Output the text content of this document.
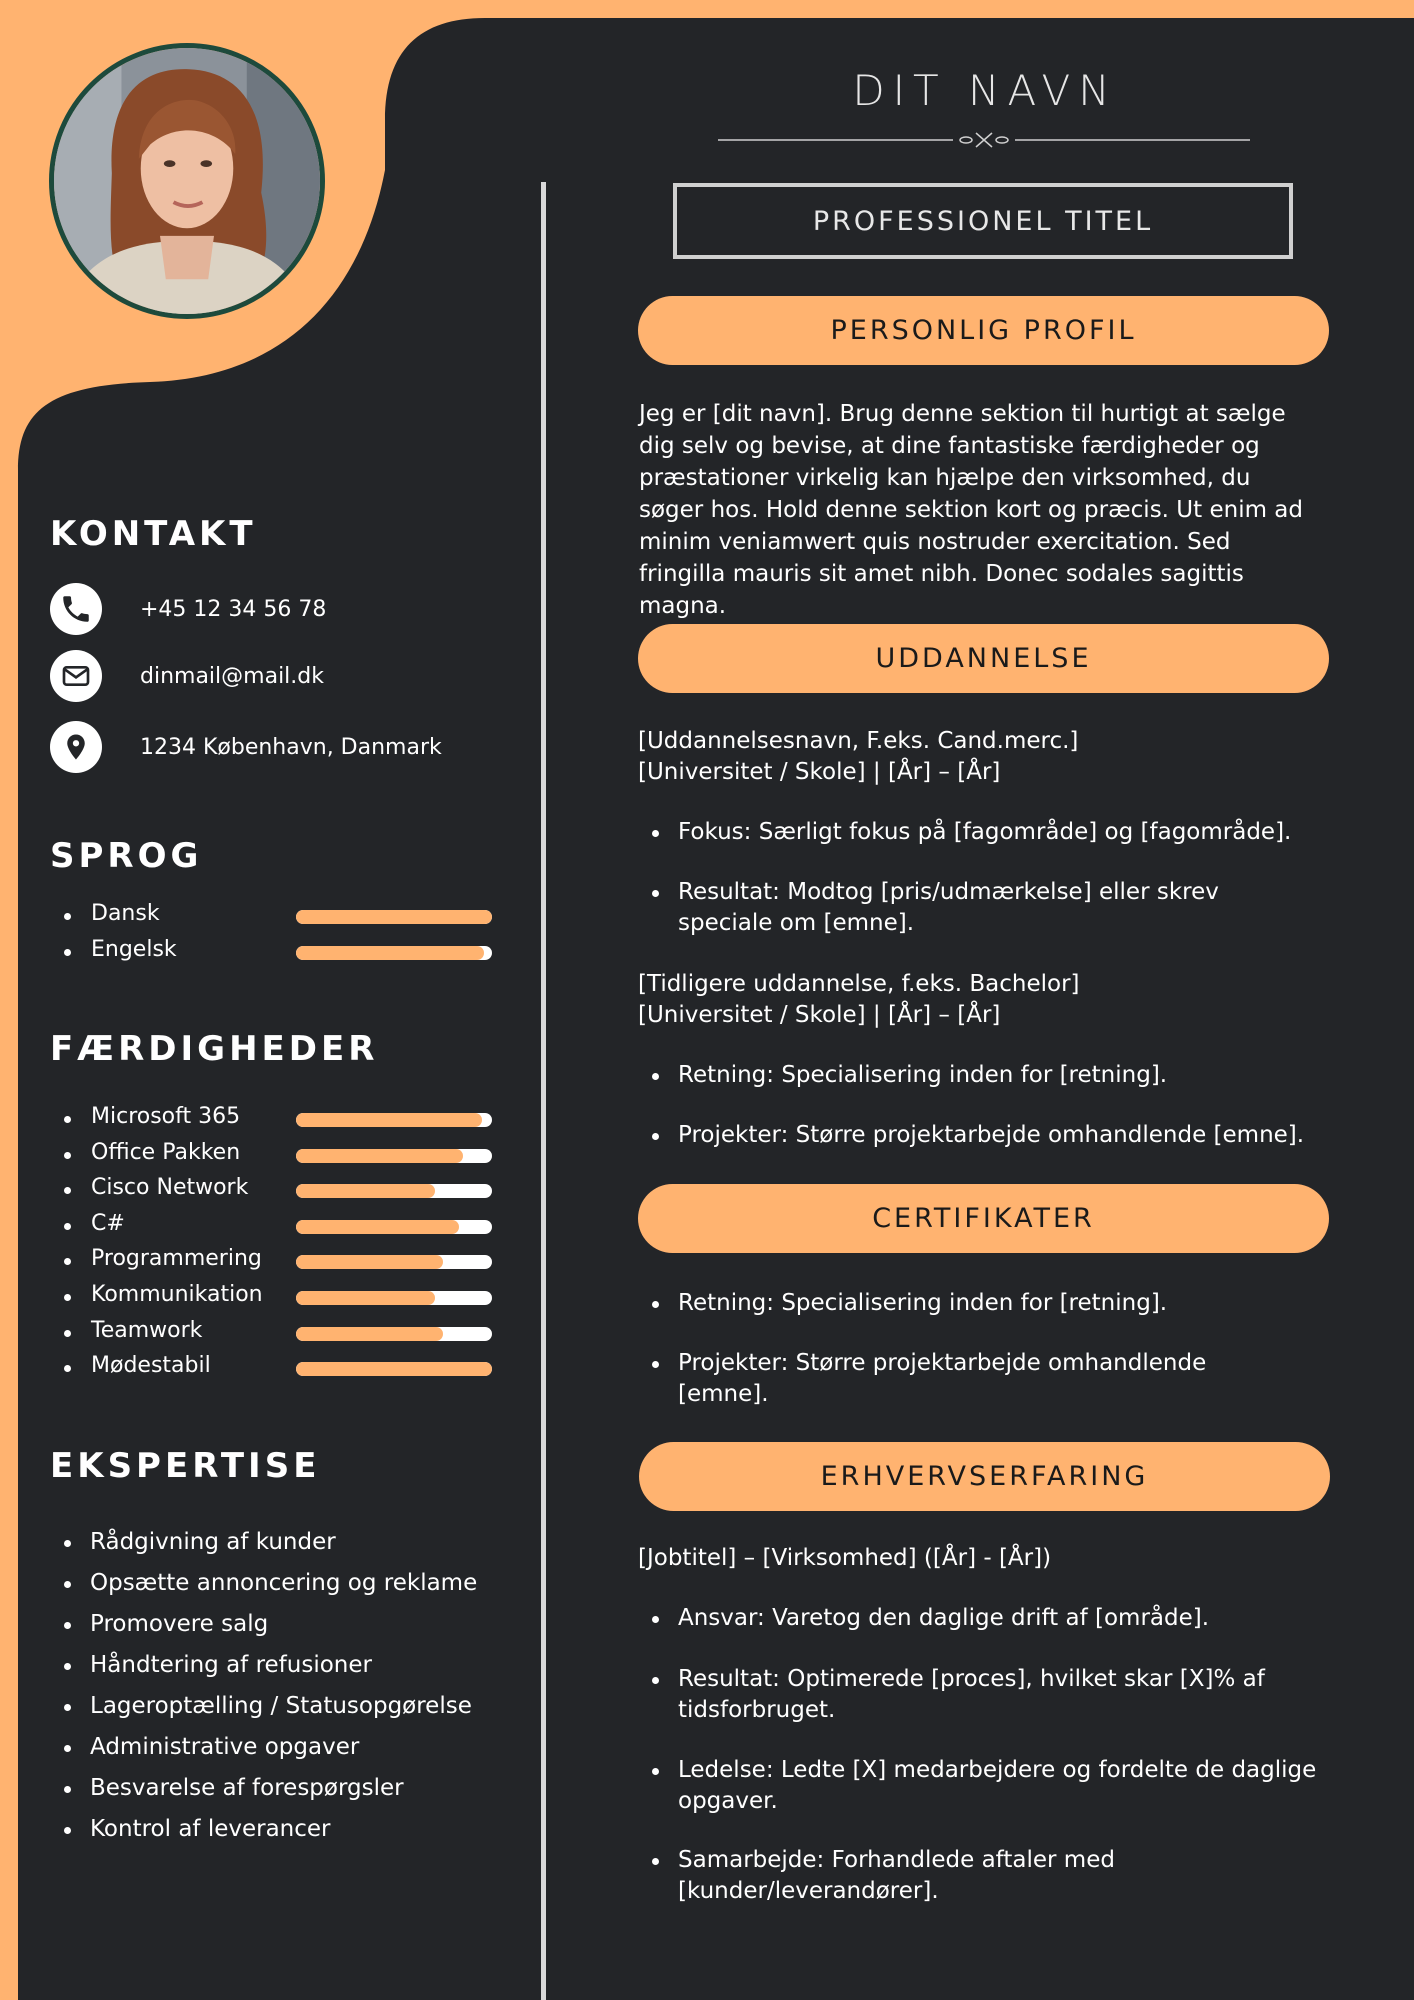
DIT NAVN
PROFESSIONEL TITEL
KONTAKT
+45 12 34 56 78
dinmail@mail.dk
1234 København, Danmark
SPROG
Dansk
Engelsk
FÆRDIGHEDER
Microsoft 365
Office Pakken
Cisco Network
C#
Programmering
Kommunikation
Teamwork
Mødestabil
EKSPERTISE
Rådgivning af kunder
Opsætte annoncering og reklame
Promovere salg
Håndtering af refusioner
Lageroptælling / Statusopgørelse
Administrative opgaver
Besvarelse af forespørgsler
Kontrol af leverancer
PERSONLIG PROFIL
Jeg er [dit navn]. Brug denne sektion til hurtigt at sælge dig selv og bevise, at dine fantastiske færdigheder og præstationer virkelig kan hjælpe den virksomhed, du søger hos. Hold denne sektion kort og præcis. Ut enim ad minim veniamwert quis nostruder exercitation. Sed fringilla mauris sit amet nibh. Donec sodales sagittis magna.
UDDANNELSE
[Uddannelsesnavn, F.eks. Cand.merc.]
[Universitet / Skole] | [År] – [År]
Fokus: Særligt fokus på [fagområde] og [fagområde].
Resultat: Modtog [pris/udmærkelse] eller skrev speciale om [emne].
[Tidligere uddannelse, f.eks. Bachelor]
[Universitet / Skole] | [År] – [År]
Retning: Specialisering inden for [retning].
Projekter: Større projektarbejde omhandlende [emne].
CERTIFIKATER
Retning: Specialisering inden for [retning].
Projekter: Større projektarbejde omhandlende [emne].
ERHVERVSERFARING
[Jobtitel] – [Virksomhed] ([År] - [År])
Ansvar: Varetog den daglige drift af [område].
Resultat: Optimerede [proces], hvilket skar [X]% af tidsforbruget.
Ledelse: Ledte [X] medarbejdere og fordelte de daglige opgaver.
Samarbejde: Forhandlede aftaler med [kunder/leverandører].
